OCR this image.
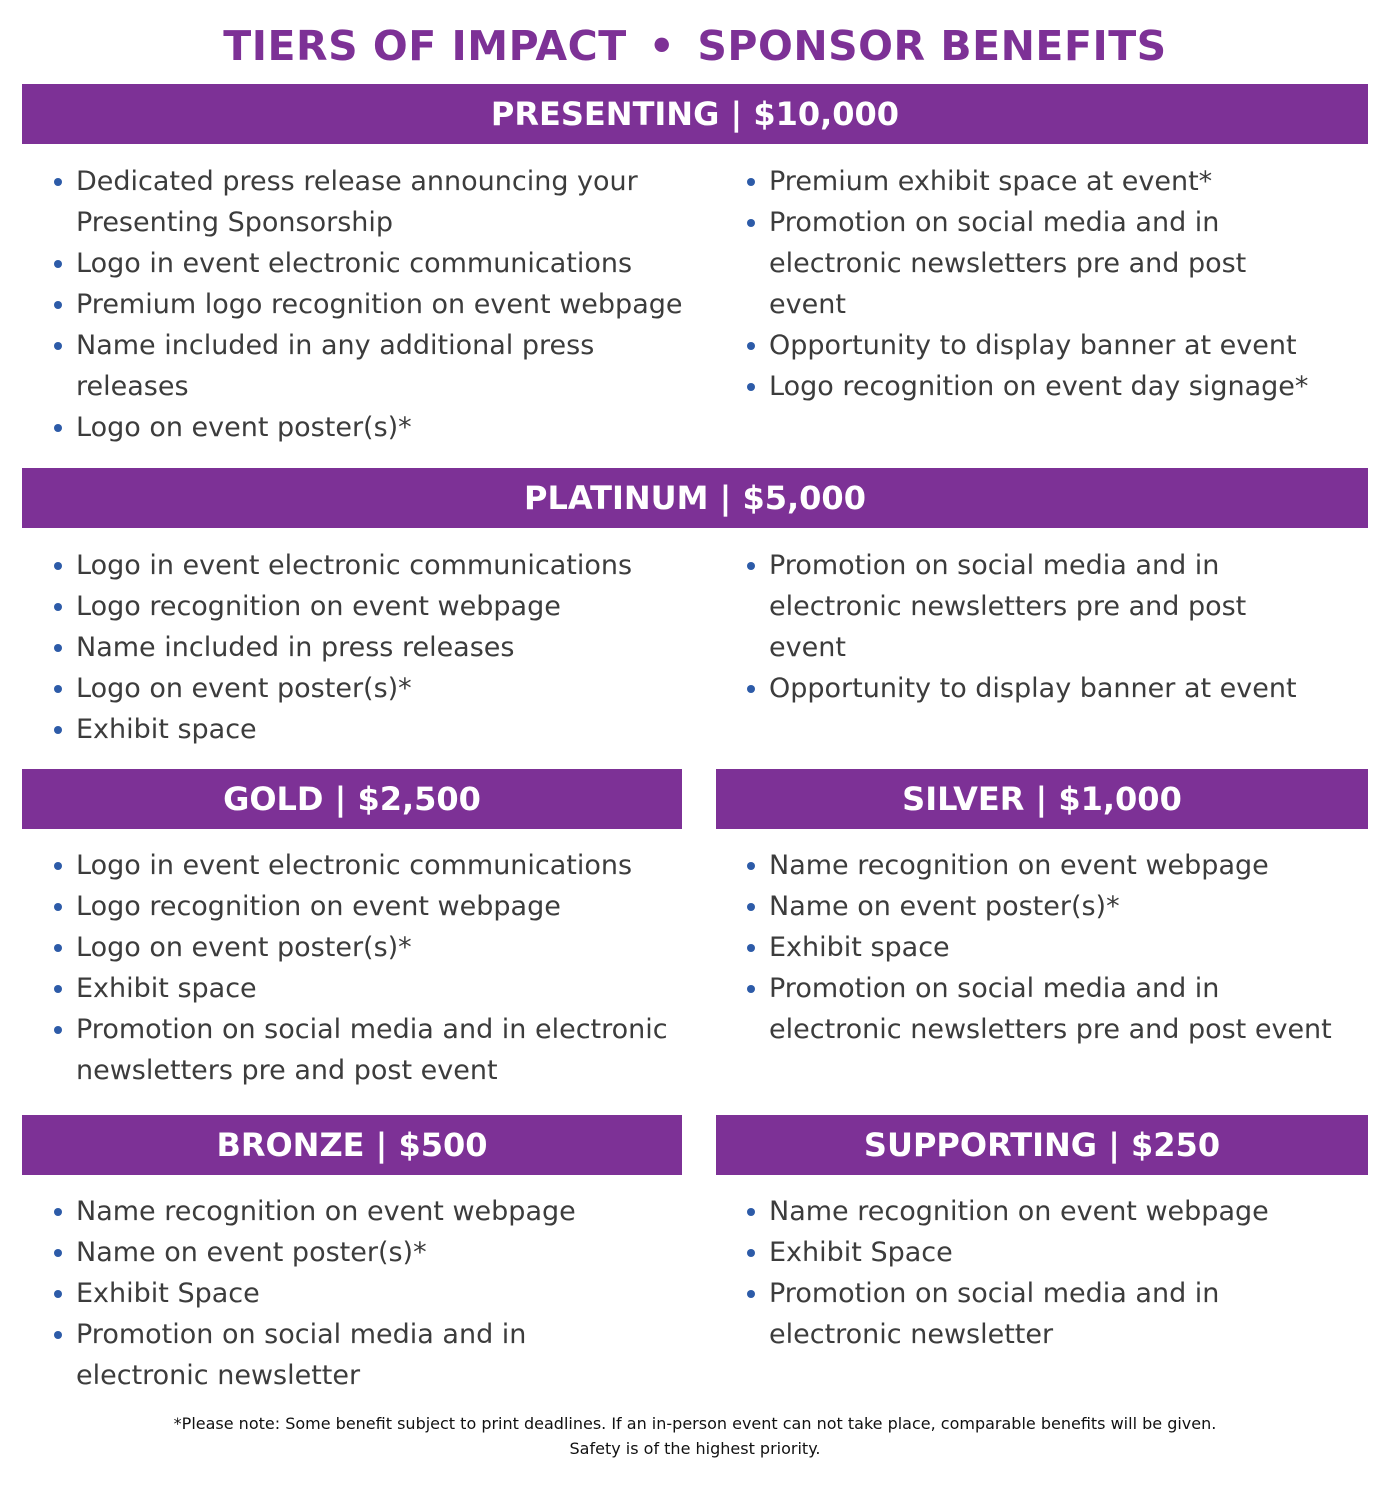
TIERS OF IMPACT • SPONSOR BENEFITS
PRESENTING | $10,000
Dedicated press release announcing your
Presenting Sponsorship
Logo in event electronic communications
Premium logo recognition on event webpage
Name included in any additional press
releases
Logo on event poster(s)*
Premium exhibit space at event*
Promotion on social media and in
electronic newsletters pre and post
event
Opportunity to display banner at event
Logo recognition on event day signage*
PLATINUM | $5,000
Logo in event electronic communications
Logo recognition on event webpage
Name included in press releases
Logo on event poster(s)*
Exhibit space
Promotion on social media and in
electronic newsletters pre and post
event
Opportunity to display banner at event
GOLD | $2,500	SILVER | $1,000
Logo in event electronic communications
Logo recognition on event webpage
Logo on event poster(s)*
Exhibit space
Promotion on social media and in electronic
newsletters pre and post event
Name recognition on event webpage
Name on event poster(s)*
Exhibit space
Promotion on social media and in
electronic newsletters pre and post event
BRONZE | $500	SUPPORTING | $250
Name recognition on event webpage
Name on event poster(s)*
Exhibit Space
Promotion on social media and in
electronic newsletter
Name recognition on event webpage
Exhibit Space
Promotion on social media and in
electronic newsletter
*Please note: Some benefit subject to print deadlines. If an in-person event can not take place, comparable benefits will be given.
Safety is of the highest priority.
